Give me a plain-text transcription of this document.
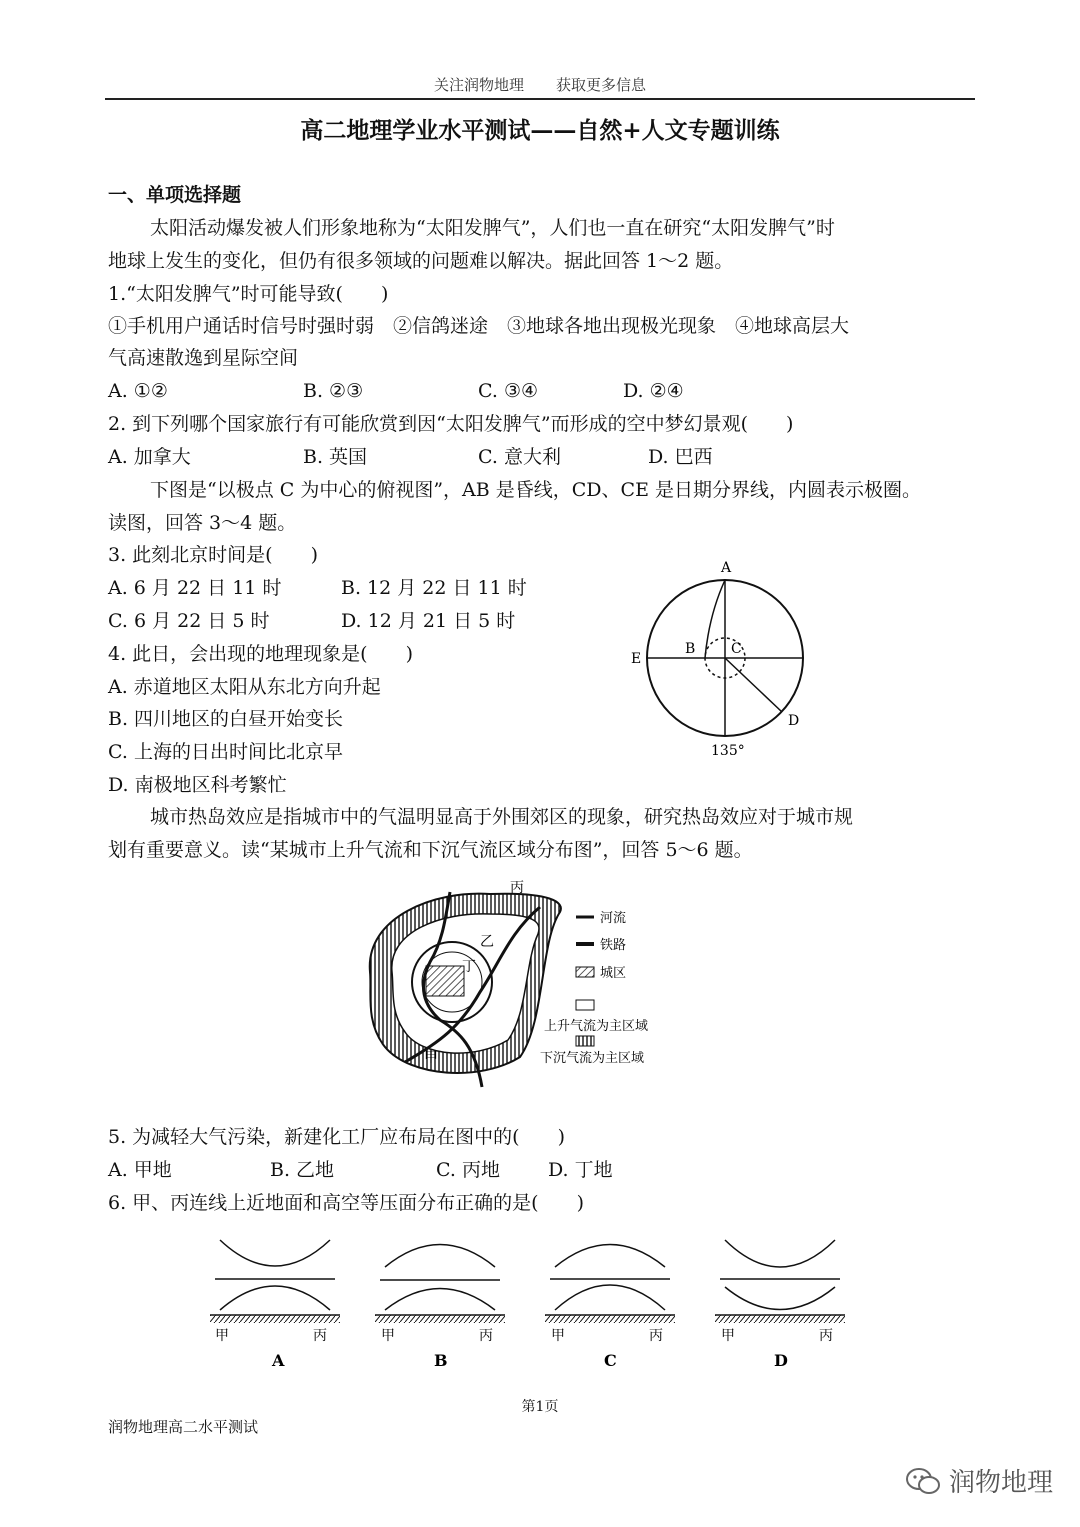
关注润物地理 获取更多信息
高二地理学业水平测试——自然+人文专题训练
一、单项选择题
太阳活动爆发被人们形象地称为“太阳发脾气”，人们也一直在研究“太阳发脾气”时
地球上发生的变化，但仍有很多领域的问题难以解决。据此回答 1～2 题。
1.“太阳发脾气”时可能导致(　　)
①手机用户通话时信号时强时弱　②信鸽迷途　③地球各地出现极光现象　④地球高层大
气高速散逸到星际空间
A. ①②	B. ②③	C. ③④	D. ②④
2. 到下列哪个国家旅行有可能欣赏到因“太阳发脾气”而形成的空中梦幻景观(　　)
A. 加拿大	B. 英国	C. 意大利	D. 巴西
下图是“以极点 C 为中心的俯视图”，AB 是昏线，CD、CE 是日期分界线，内圆表示极圈。
读图，回答 3～4 题。
3. 此刻北京时间是(　　)
A. 6 月 22 日 11 时	B. 12 月 22 日 11 时
C. 6 月 22 日 5 时	D. 12 月 21 日 5 时
4. 此日，会出现的地理现象是(　　)
A. 赤道地区太阳从东北方向升起
B. 四川地区的白昼开始变长
C. 上海的日出时间比北京早
D. 南极地区科考繁忙
A
B	C
D
E
135°
城市热岛效应是指城市中的气温明显高于外围郊区的现象，研究热岛效应对于城市规
划有重要意义。读“某城市上升气流和下沉气流区域分布图”，回答 5～6 题。
丙
乙
丁
甲
河流
铁路
城区
上升气流为主区域
下沉气流为主区域
5. 为减轻大气污染，新建化工厂应布局在图中的(　　)
A. 甲地	B. 乙地	C. 丙地	D. 丁地
6. 甲、丙连线上近地面和高空等压面分布正确的是(　　)
甲	丙
A
甲	丙
B
甲	丙
C
甲	丙
D
第1页
润物地理高二水平测试
润物地理
